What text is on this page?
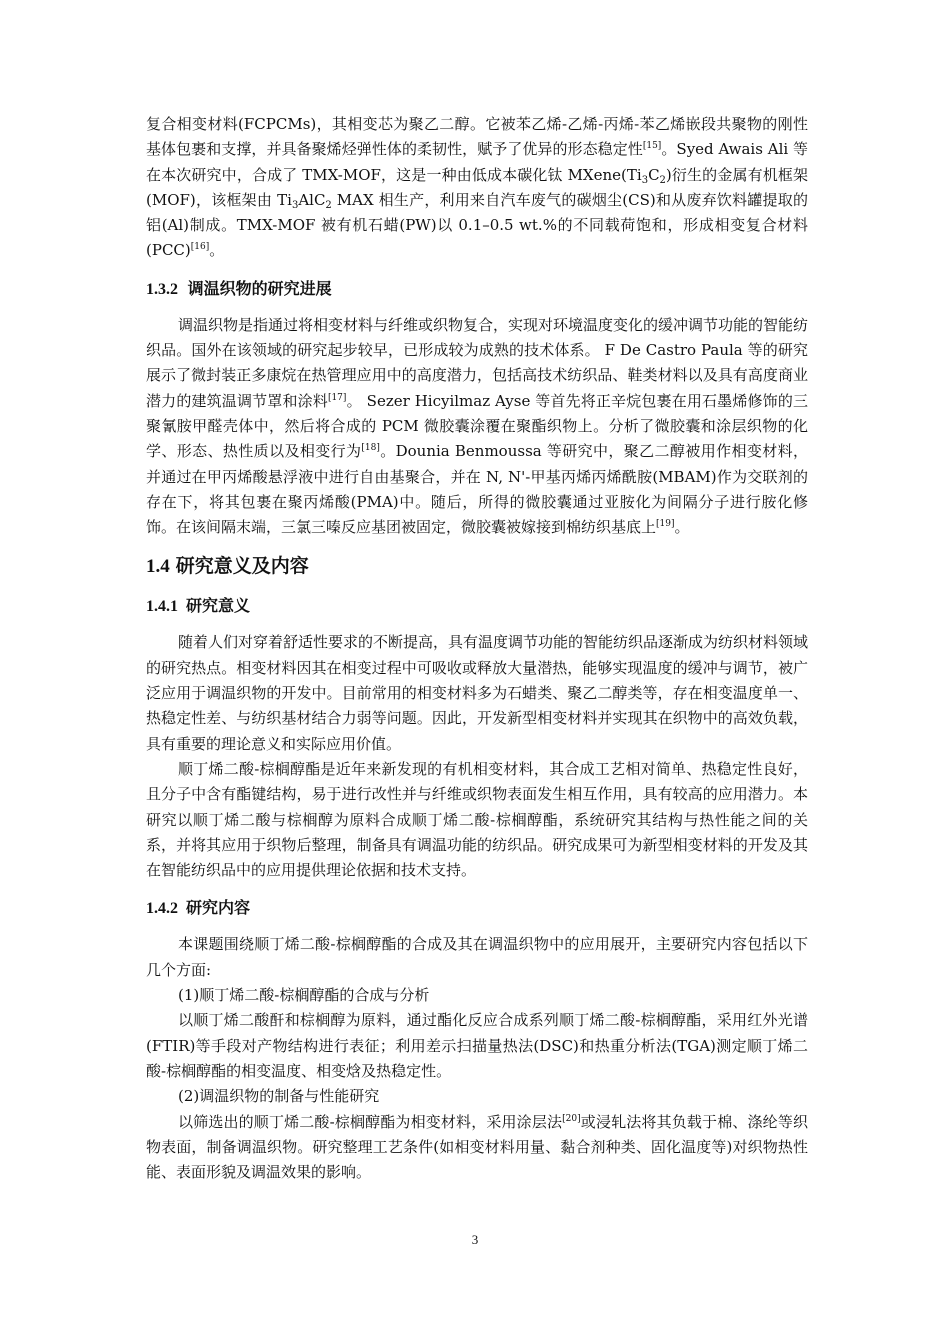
复合相变材料(FCPCMs)，其相变芯为聚乙二醇。它被苯乙烯-乙烯-丙烯-苯乙烯嵌段共聚物的刚性基体包裹和支撑，并具备聚烯烃弹性体的柔韧性，赋予了优异的形态稳定性[15]。Syed Awais Ali 等在本次研究中，合成了 TMX-MOF，这是一种由低成本碳化钛 $MXene(Ti_3C_2)$衍生的金属有机框架(MOF)，该框架由 $Ti_3AlC_2$ MAX 相生产，利用来自汽车废气的碳烟尘(CS)和从废弃饮料罐提取的铝(Al)制成。TMX-MOF 被有机石蜡(PW)以 0.1–0.5 wt.%的不同载荷饱和，形成相变复合材料(PCC)[16]。

1.3.2 调温织物的研究进展

调温织物是指通过将相变材料与纤维或织物复合，实现对环境温度变化的缓冲调节功能的智能纺织品。国外在该领域的研究起步较早，已形成较为成熟的技术体系。 F De Castro Paula 等的研究展示了微封装正多康烷在热管理应用中的高度潜力，包括高技术纺织品、鞋类材料以及具有高度商业潜力的建筑温调节罩和涂料[17]。 Sezer Hicyilmaz Ayse 等首先将正辛烷包裹在用石墨烯修饰的三聚氰胺甲醛壳体中，然后将合成的 PCM 微胶囊涂覆在聚酯织物上。分析了微胶囊和涂层织物的化学、形态、热性质以及相变行为[18]。Dounia Benmoussa 等研究中，聚乙二醇被用作相变材料，并通过在甲丙烯酸悬浮液中进行自由基聚合，并在 N, N'-甲基丙烯丙烯酰胺(MBAM)作为交联剂的存在下，将其包裹在聚丙烯酸(PMA)中。随后，所得的微胶囊通过亚胺化为间隔分子进行胺化修饰。在该间隔末端，三氯三嗪反应基团被固定，微胶囊被嫁接到棉纺织基底上[19]。

1.4 研究意义及内容
1.4.1 研究意义

随着人们对穿着舒适性要求的不断提高，具有温度调节功能的智能纺织品逐渐成为纺织材料领域的研究热点。相变材料因其在相变过程中可吸收或释放大量潜热，能够实现温度的缓冲与调节，被广泛应用于调温织物的开发中。目前常用的相变材料多为石蜡类、聚乙二醇类等，存在相变温度单一、热稳定性差、与纺织基材结合力弱等问题。因此，开发新型相变材料并实现其在织物中的高效负载，具有重要的理论意义和实际应用价值。

顺丁烯二酸-棕榈醇酯是近年来新发现的有机相变材料，其合成工艺相对简单、热稳定性良好，且分子中含有酯键结构，易于进行改性并与纤维或织物表面发生相互作用，具有较高的应用潜力。本研究以顺丁烯二酸与棕榈醇为原料合成顺丁烯二酸-棕榈醇酯，系统研究其结构与热性能之间的关系，并将其应用于织物后整理，制备具有调温功能的纺织品。研究成果可为新型相变材料的开发及其在智能纺织品中的应用提供理论依据和技术支持。

1.4.2 研究内容

本课题围绕顺丁烯二酸-棕榈醇酯的合成及其在调温织物中的应用展开，主要研究内容包括以下几个方面:

(1)顺丁烯二酸-棕榈醇酯的合成与分析

以顺丁烯二酸酐和棕榈醇为原料，通过酯化反应合成系列顺丁烯二酸-棕榈醇酯，采用红外光谱(FTIR)等手段对产物结构进行表征；利用差示扫描量热法(DSC)和热重分析法(TGA)测定顺丁烯二酸-棕榈醇酯的相变温度、相变焓及热稳定性。

(2)调温织物的制备与性能研究

以筛选出的顺丁烯二酸-棕榈醇酯为相变材料，采用涂层法[20]或浸轧法将其负载于棉、涤纶等织物表面，制备调温织物。研究整理工艺条件(如相变材料用量、黏合剂种类、固化温度等)对织物热性能、表面形貌及调温效果的影响。

3
